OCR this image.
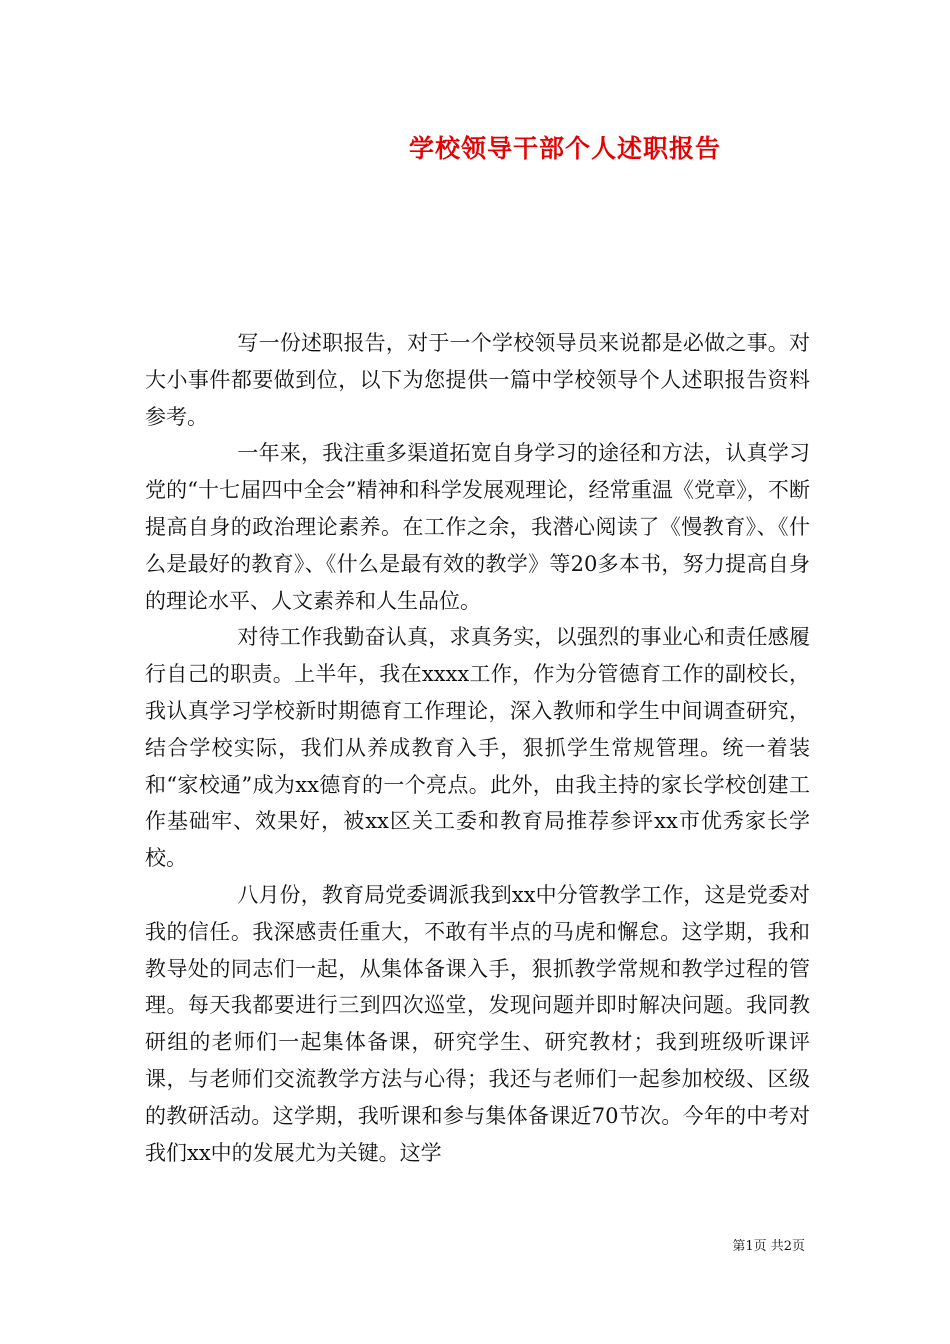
学校领导干部个人述职报告

写一份述职报告，对于一个学校领导员来说都是必做之事。对大小事件都要做到位，以下为您提供一篇中学校领导个人述职报告资料参考。

一年来，我注重多渠道拓宽自身学习的途径和方法，认真学习党的“十七届四中全会”精神和科学发展观理论，经常重温《党章》，不断提高自身的政治理论素养。在工作之余，我潜心阅读了《慢教育》、《什么是最好的教育》、《什么是最有效的教学》等20多本书，努力提高自身的理论水平、人文素养和人生品位。

对待工作我勤奋认真，求真务实，以强烈的事业心和责任感履行自己的职责。上半年，我在xxxx工作，作为分管德育工作的副校长，我认真学习学校新时期德育工作理论，深入教师和学生中间调查研究，结合学校实际，我们从养成教育入手，狠抓学生常规管理。统一着装和“家校通”成为xx德育的一个亮点。此外，由我主持的家长学校创建工作基础牢、效果好，被xx区关工委和教育局推荐参评xx市优秀家长学校。

八月份，教育局党委调派我到xx中分管教学工作，这是党委对我的信任。我深感责任重大，不敢有半点的马虎和懈怠。这学期，我和教导处的同志们一起，从集体备课入手，狠抓教学常规和教学过程的管理。每天我都要进行三到四次巡堂，发现问题并即时解决问题。我同教研组的老师们一起集体备课，研究学生、研究教材；我到班级听课评课，与老师们交流教学方法与心得；我还与老师们一起参加校级、区级的教研活动。这学期，我听课和参与集体备课近70节次。今年的中考对我们xx中的发展尤为关键。这学

第1页 共2页
